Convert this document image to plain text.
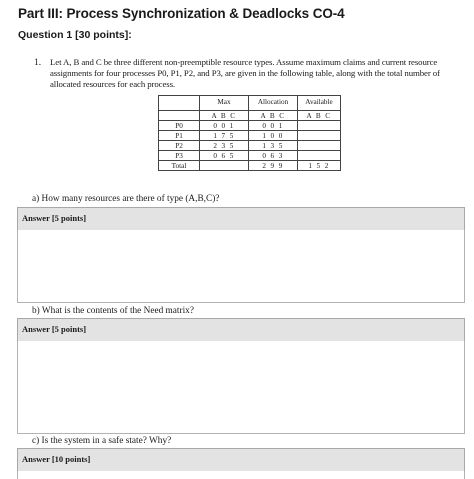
Part III: Process Synchronization & Deadlocks CO-4
Question 1 [30 points]:
1. Let A, B and C be three different non-preemptible resource types. Assume maximum claims and current resource assignments for four processes P0, P1, P2, and P3, are given in the following table, along with the total number of allocated resources for each process.
	Max	Allocation	Available
	A B C	A B C	A B C
P0	0 0 1	0 0 1	
P1	1 7 5	1 0 0	
P2	2 3 5	1 3 5	
P3	0 6 5	0 6 3	
Total		2 9 9	1 5 2
a) How many resources are there of type (A,B,C)?
Answer [5 points]
b) What is the contents of the Need matrix?
Answer [5 points]
c) Is the system in a safe state? Why?
Answer [10 points]
